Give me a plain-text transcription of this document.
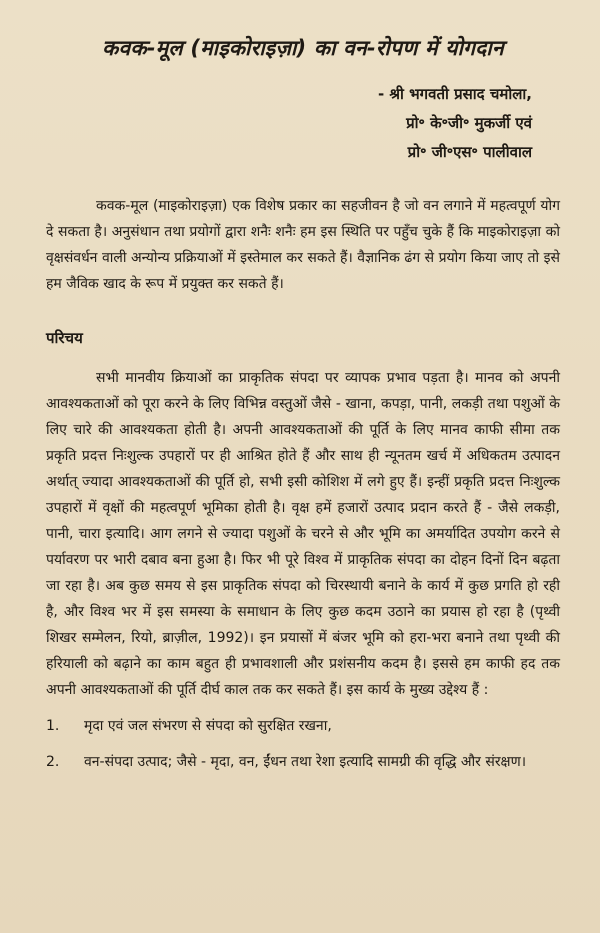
कवक-मूल (माइकोराइज़ा) का वन-रोपण में योगदान
- श्री भगवती प्रसाद चमोला,
प्रो॰ के॰जी॰ मुकर्जी एवं
प्रो॰ जी॰एस॰ पालीवाल

कवक-मूल (माइकोराइज़ा) एक विशेष प्रकार का सहजीवन है जो वन लगाने में महत्वपूर्ण योग दे सकता है। अनुसंधान तथा प्रयोगों द्वारा शनैः शनैः हम इस स्थिति पर पहुँच चुके हैं कि माइकोराइज़ा को वृक्षसंवर्धन वाली अन्योन्य प्रक्रियाओं में इस्तेमाल कर सकते हैं। वैज्ञानिक ढंग से प्रयोग किया जाए तो इसे हम जैविक खाद के रूप में प्रयुक्त कर सकते हैं।

परिचय

सभी मानवीय क्रियाओं का प्राकृतिक संपदा पर व्यापक प्रभाव पड़ता है। मानव को अपनी आवश्यकताओं को पूरा करने के लिए विभिन्न वस्तुओं जैसे - खाना, कपड़ा, पानी, लकड़ी तथा पशुओं के लिए चारे की आवश्यकता होती है। अपनी आवश्यकताओं की पूर्ति के लिए मानव काफी सीमा तक प्रकृति प्रदत्त निःशुल्क उपहारों पर ही आश्रित होते हैं और साथ ही न्यूनतम खर्च में अधिकतम उत्पादन अर्थात् ज्यादा आवश्यकताओं की पूर्ति हो, सभी इसी कोशिश में लगे हुए हैं। इन्हीं प्रकृति प्रदत्त निःशुल्क उपहारों में वृक्षों की महत्वपूर्ण भूमिका होती है। वृक्ष हमें हजारों उत्पाद प्रदान करते हैं - जैसे लकड़ी, पानी, चारा इत्यादि। आग लगने से ज्यादा पशुओं के चरने से और भूमि का अमर्यादित उपयोग करने से पर्यावरण पर भारी दबाव बना हुआ है। फिर भी पूरे विश्व में प्राकृतिक संपदा का दोहन दिनों दिन बढ़ता जा रहा है। अब कुछ समय से इस प्राकृतिक संपदा को चिरस्थायी बनाने के कार्य में कुछ प्रगति हो रही है, और विश्व भर में इस समस्या के समाधान के लिए कुछ कदम उठाने का प्रयास हो रहा है (पृथ्वी शिखर सम्मेलन, रियो, ब्राज़ील, 1992)। इन प्रयासों में बंजर भूमि को हरा-भरा बनाने तथा पृथ्वी की हरियाली को बढ़ाने का काम बहुत ही प्रभावशाली और प्रशंसनीय कदम है। इससे हम काफी हद तक अपनी आवश्यकताओं की पूर्ति दीर्घ काल तक कर सकते हैं। इस कार्य के मुख्य उद्देश्य हैं :

1.	मृदा एवं जल संभरण से संपदा को सुरक्षित रखना,
2.	वन-संपदा उत्पाद; जैसे - मृदा, वन, ईंधन तथा रेशा इत्यादि सामग्री की वृद्धि और संरक्षण।
